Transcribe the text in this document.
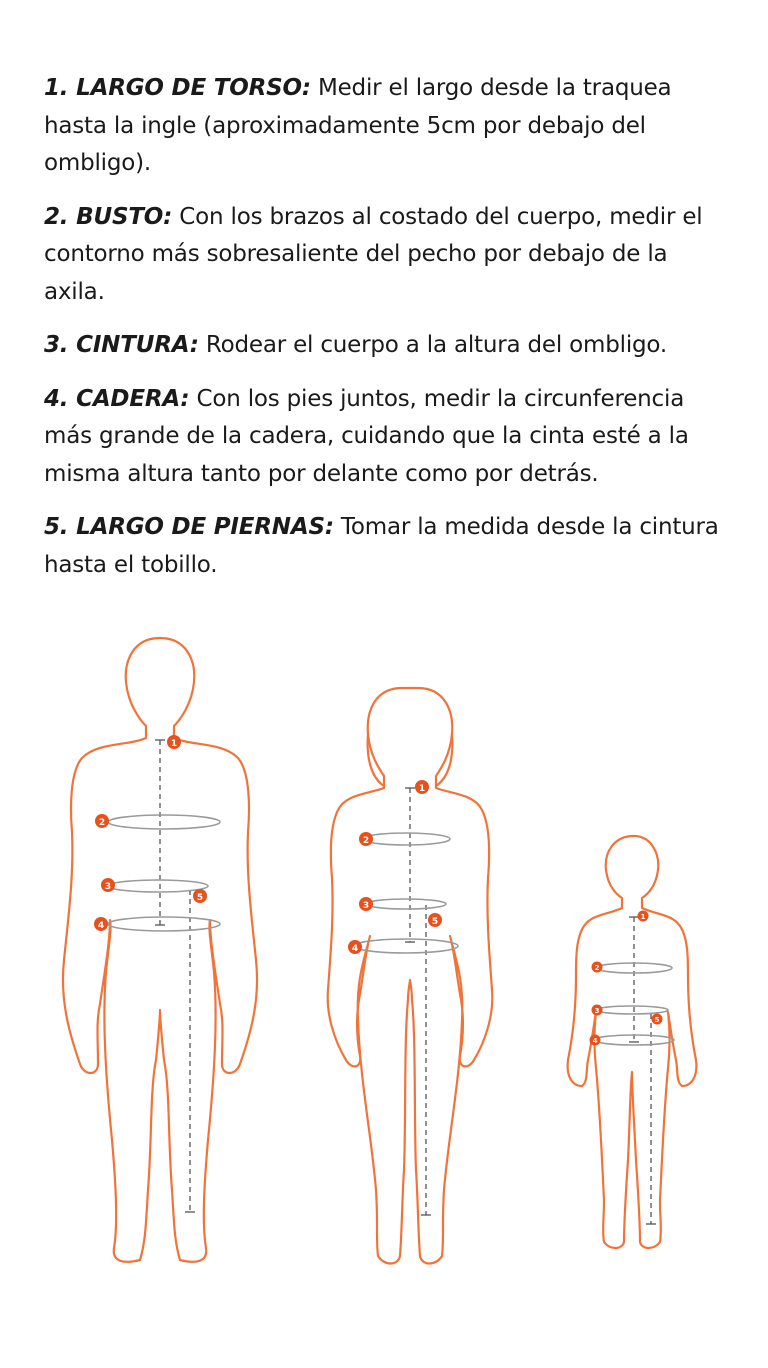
1. LARGO DE TORSO: Medir el largo desde la traquea hasta la ingle (aproximadamente 5cm por debajo del ombligo).

2. BUSTO: Con los brazos al costado del cuerpo, medir el contorno más sobresaliente del pecho por debajo de la axila.

3. CINTURA: Rodear el cuerpo a la altura del ombligo.

4. CADERA: Con los pies juntos, medir la circunferencia más grande de la cadera, cuidando que la cinta esté a la misma altura tanto por delante como por detrás.

5. LARGO DE PIERNAS: Tomar la medida desde la cintura hasta el tobillo.

1
2
3
4
5
1
2
3
4
5	1
2
3
4
5
